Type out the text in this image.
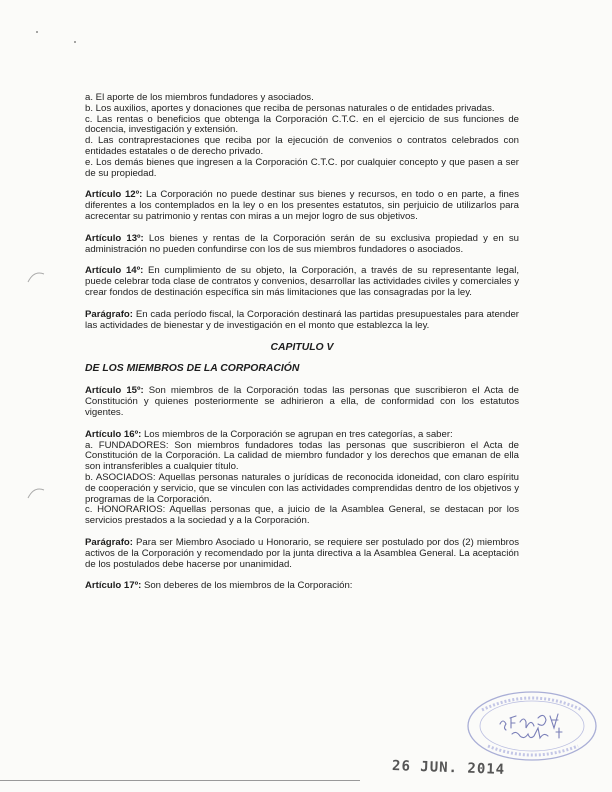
a. El aporte de los miembros fundadores y asociados.

b. Los auxilios, aportes y donaciones que reciba de personas naturales o de entidades privadas.

c. Las rentas o beneficios que obtenga la Corporación C.T.C. en el ejercicio de sus funciones de docencia, investigación y extensión.

d. Las contraprestaciones que reciba por la ejecución de convenios o contratos celebrados con entidades estatales o de derecho privado.

e. Los demás bienes que ingresen a la Corporación C.T.C. por cualquier concepto y que pasen a ser de su propiedad.

Artículo 12º: La Corporación no puede destinar sus bienes y recursos, en todo o en parte, a fines diferentes a los contemplados en la ley o en los presentes estatutos, sin perjuicio de utilizarlos para acrecentar su patrimonio y rentas con miras a un mejor logro de sus objetivos.

Artículo 13º: Los bienes y rentas de la Corporación serán de su exclusiva propiedad y en su administración no pueden confundirse con los de sus miembros fundadores o asociados.

Artículo 14º: En cumplimiento de su objeto, la Corporación, a través de su representante legal, puede celebrar toda clase de contratos y convenios, desarrollar las actividades civiles y comerciales y crear fondos de destinación específica sin más limitaciones que las consagradas por la ley.

Parágrafo: En cada período fiscal, la Corporación destinará las partidas presupuestales para atender las actividades de bienestar y de investigación en el monto que establezca la ley.

CAPITULO V

DE LOS MIEMBROS DE LA CORPORACIÓN

Artículo 15º: Son miembros de la Corporación todas las personas que suscribieron el Acta de Constitución y quienes posteriormente se adhirieron a ella, de conformidad con los estatutos vigentes.

Artículo 16º: Los miembros de la Corporación se agrupan en tres categorías, a saber:

a. FUNDADORES: Son miembros fundadores todas las personas que suscribieron el Acta de Constitución de la Corporación. La calidad de miembro fundador y los derechos que emanan de ella son intransferibles a cualquier título.

b. ASOCIADOS: Aquellas personas naturales o jurídicas de reconocida idoneidad, con claro espíritu de cooperación y servicio, que se vinculen con las actividades comprendidas dentro de los objetivos y programas de la Corporación.

c. HONORARIOS: Aquellas personas que, a juicio de la Asamblea General, se destacan por los servicios prestados a la sociedad y a la Corporación.

Parágrafo: Para ser Miembro Asociado u Honorario, se requiere ser postulado por dos (2) miembros activos de la Corporación y recomendado por la junta directiva a la Asamblea General. La aceptación de los postulados debe hacerse por unanimidad.

Artículo 17º: Son deberes de los miembros de la Corporación:

26 JUN. 2014
